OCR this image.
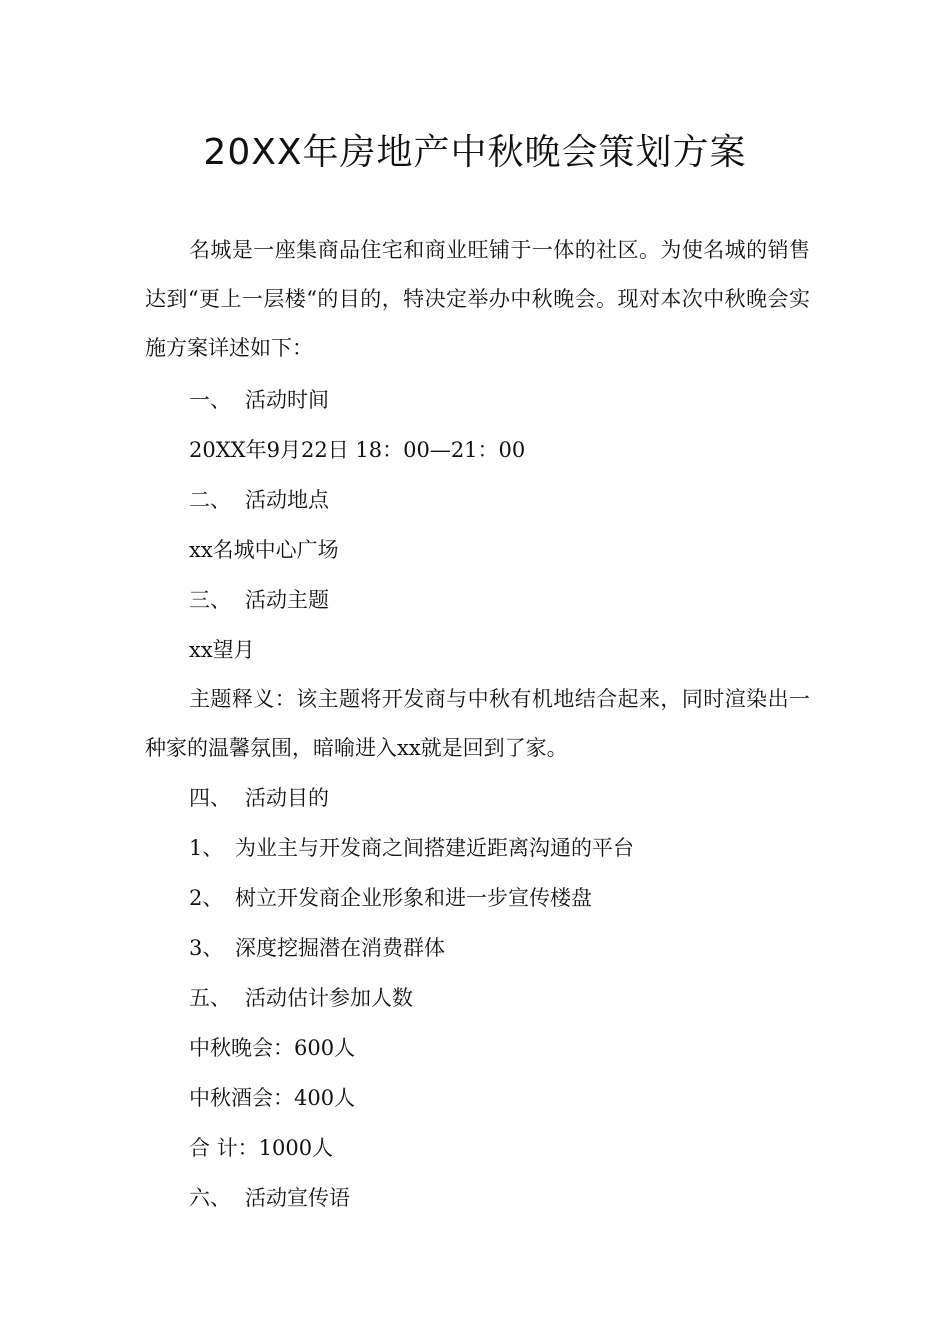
20XX年房地产中秋晚会策划方案

名城是一座集商品住宅和商业旺铺于一体的社区。为使名城的销售达到“更上一层楼“的目的，特决定举办中秋晚会。现对本次中秋晚会实施方案详述如下：

一、 活动时间
20XX年9月22日 18：00—21：00
二、 活动地点
xx名城中心广场
三、 活动主题
xx望月

主题释义：该主题将开发商与中秋有机地结合起来，同时渲染出一种家的温馨氛围，暗喻进入xx就是回到了家。

四、 活动目的
1、 为业主与开发商之间搭建近距离沟通的平台
2、 树立开发商企业形象和进一步宣传楼盘
3、 深度挖掘潜在消费群体
五、 活动估计参加人数
中秋晚会：600人
中秋酒会：400人
合 计：1000人
六、 活动宣传语
